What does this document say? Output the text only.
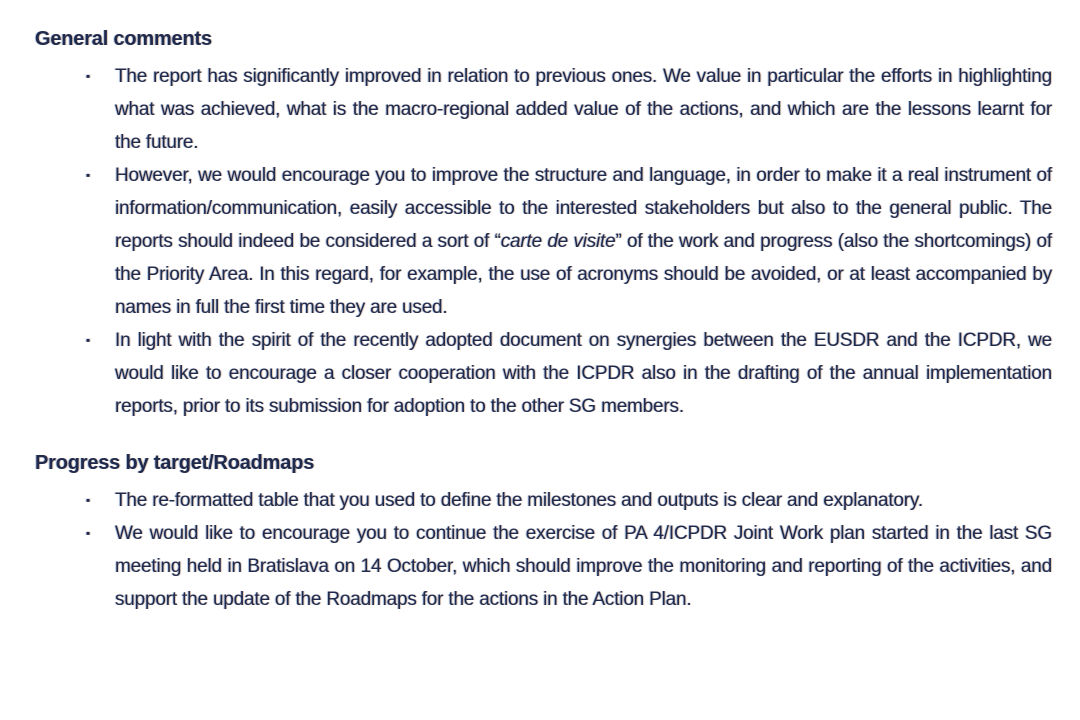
General comments
▪ The report has significantly improved in relation to previous ones. We value in particular the efforts in highlighting what was achieved, what is the macro-regional added value of the actions, and which are the lessons learnt for the future.
▪ However, we would encourage you to improve the structure and language, in order to make it a real instrument of information/communication, easily accessible to the interested stakeholders but also to the general public. The reports should indeed be considered a sort of “carte de visite” of the work and progress (also the shortcomings) of the Priority Area. In this regard, for example, the use of acronyms should be avoided, or at least accompanied by names in full the first time they are used.
▪ In light with the spirit of the recently adopted document on synergies between the EUSDR and the ICPDR, we would like to encourage a closer cooperation with the ICPDR also in the drafting of the annual implementation reports, prior to its submission for adoption to the other SG members.
Progress by target/Roadmaps
▪ The re-formatted table that you used to define the milestones and outputs is clear and explanatory.
▪ We would like to encourage you to continue the exercise of PA 4/ICPDR Joint Work plan started in the last SG meeting held in Bratislava on 14 October, which should improve the monitoring and reporting of the activities, and support the update of the Roadmaps for the actions in the Action Plan.
